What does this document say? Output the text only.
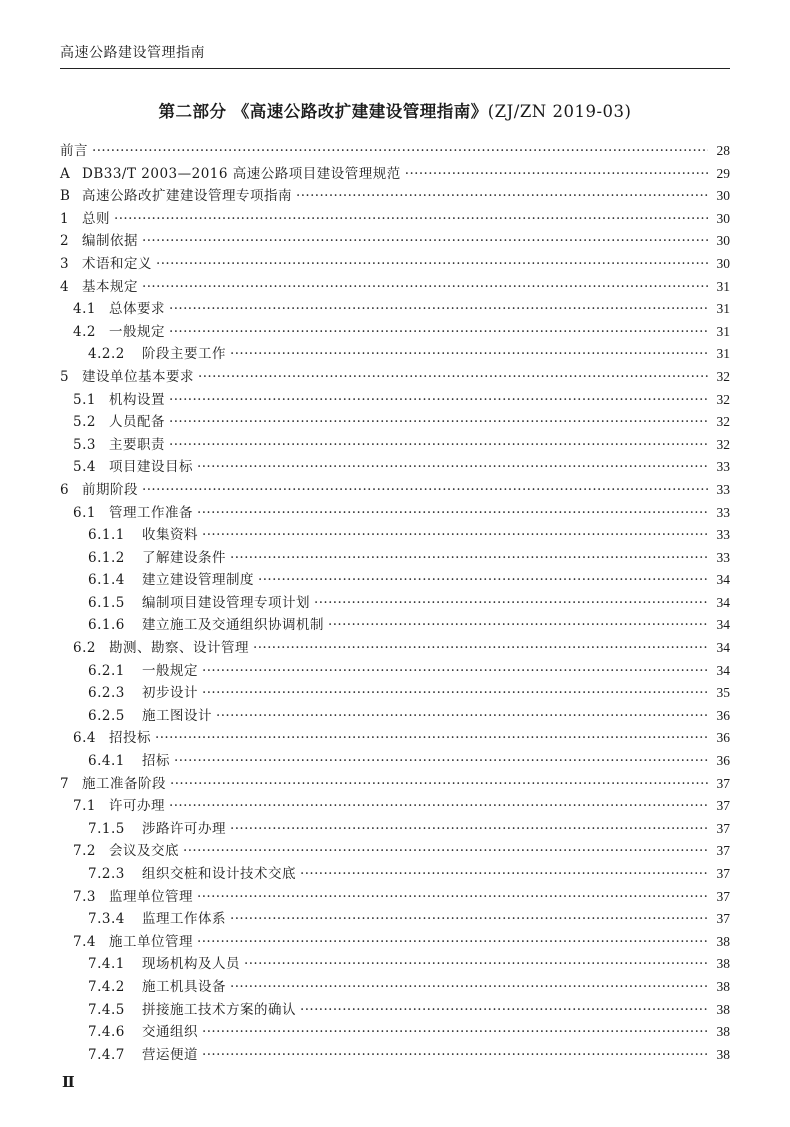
高速公路建设管理指南
第二部分 《高速公路改扩建建设管理指南》(ZJ/ZN 2019-03)
前言 ·····	28
A DB33/T 2003—2016 高速公路项目建设管理规范 ·····	29
B 高速公路改扩建建设管理专项指南 ·····	30
1 总则 ·····	30
2 编制依据 ·····	30
3 术语和定义 ·····	30
4 基本规定 ·····	31
4.1 总体要求 ·····	31
4.2 一般规定 ·····	31
4.2.2	阶段主要工作 ·····	31
5 建设单位基本要求 ·····	32
5.1 机构设置 ·····	32
5.2 人员配备 ·····	32
5.3 主要职责 ·····	32
5.4 项目建设目标 ·····	33
6 前期阶段 ·····	33
6.1 管理工作准备 ·····	33
6.1.1	收集资料 ·····	33
6.1.2	了解建设条件 ·····	33
6.1.4	建立建设管理制度 ·····	34
6.1.5	编制项目建设管理专项计划 ·····	34
6.1.6	建立施工及交通组织协调机制 ·····	34
6.2 勘测、勘察、设计管理 ·····	34
6.2.1	一般规定 ·····	34
6.2.3	初步设计 ·····	35
6.2.5	施工图设计 ·····	36
6.4 招投标 ·····	36
6.4.1	招标 ·····	36
7 施工准备阶段 ·····	37
7.1 许可办理 ·····	37
7.1.5	涉路许可办理 ·····	37
7.2 会议及交底 ·····	37
7.2.3	组织交桩和设计技术交底 ·····	37
7.3 监理单位管理 ·····	37
7.3.4	监理工作体系 ·····	37
7.4 施工单位管理 ·····	38
7.4.1	现场机构及人员 ·····	38
7.4.2	施工机具设备 ·····	38
7.4.5	拼接施工技术方案的确认 ·····	38
7.4.6	交通组织 ·····	38
7.4.7	营运便道 ·····	38
Ⅱ
